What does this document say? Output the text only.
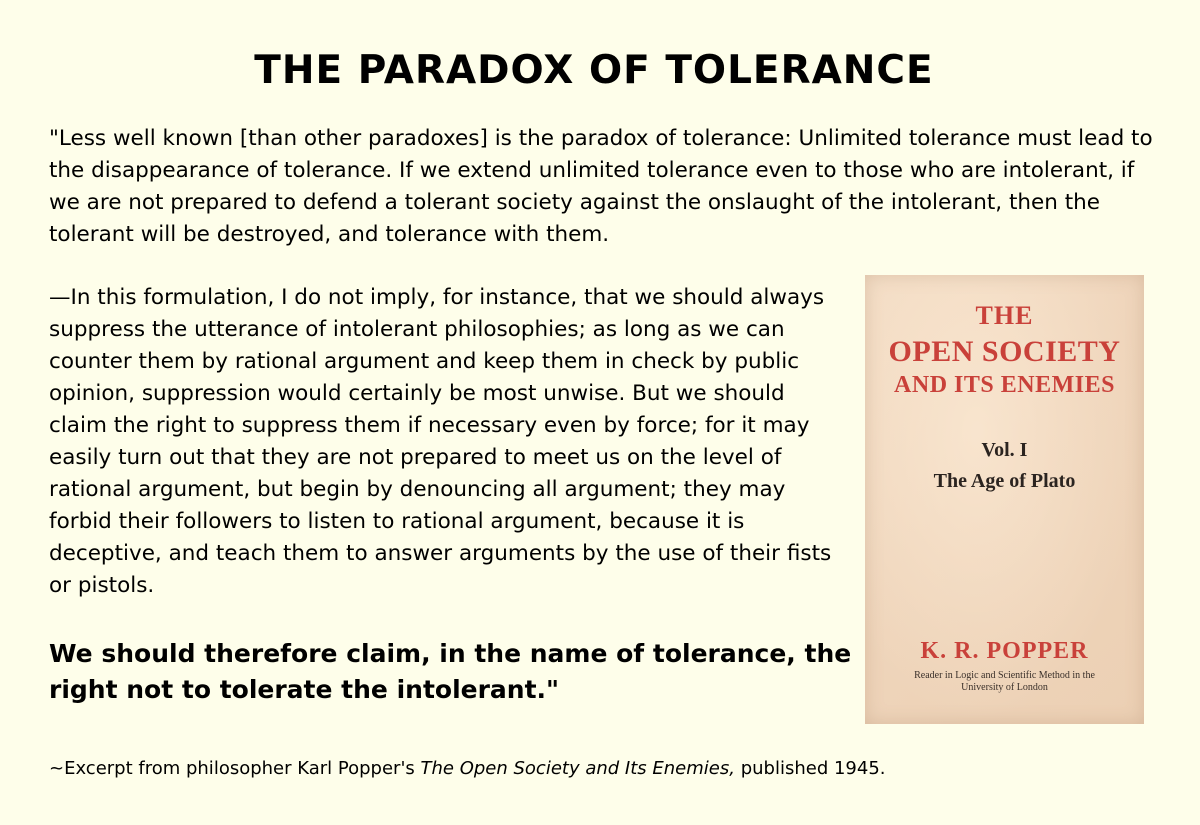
THE PARADOX OF TOLERANCE

"Less well known [than other paradoxes] is the paradox of tolerance: Unlimited tolerance must lead to the disappearance of tolerance. If we extend unlimited tolerance even to those who are intolerant, if we are not prepared to defend a tolerant society against the onslaught of the intolerant, then the tolerant will be destroyed, and tolerance with them.

—In this formulation, I do not imply, for instance, that we should always suppress the utterance of intolerant philosophies; as long as we can counter them by rational argument and keep them in check by public opinion, suppression would certainly be most unwise. But we should claim the right to suppress them if necessary even by force; for it may easily turn out that they are not prepared to meet us on the level of rational argument, but begin by denouncing all argument; they may forbid their followers to listen to rational argument, because it is deceptive, and teach them to answer arguments by the use of their fists or pistols.

We should therefore claim, in the name of tolerance, the right not to tolerate the intolerant."

~Excerpt from philosopher Karl Popper's The Open Society and Its Enemies, published 1945.

THE
OPEN SOCIETY
AND ITS ENEMIES
Vol. I
The Age of Plato
K. R. POPPER
Reader in Logic and Scientific Method in the
University of London
